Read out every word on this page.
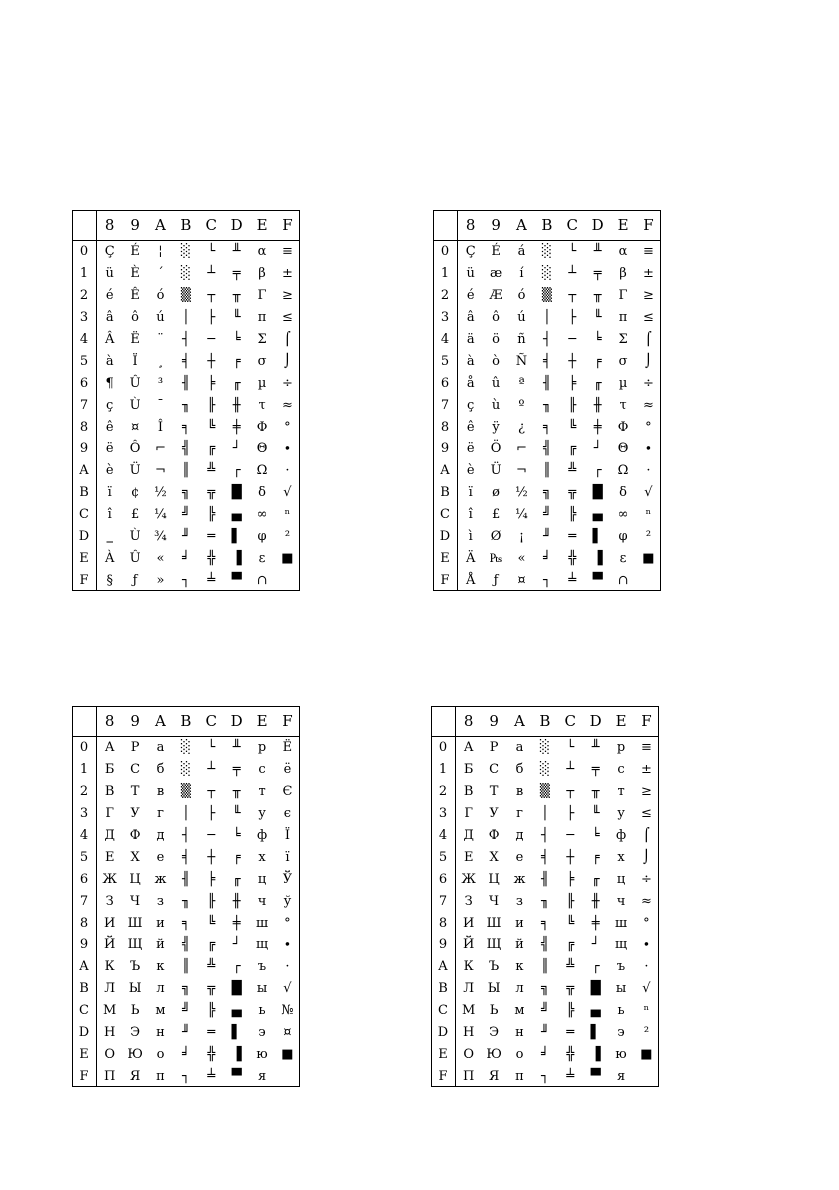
	8	9	A	B	C	D	E	F
0	Ç	É	¦	░	└	╨	α	≡
1	ü	È	´	░	┴	╤	β	±
2	é	Ê	ó	▒	┬	╥	Γ	≥
3	â	ô	ú	│	├	╙	π	≤
4	Â	Ë	¨	┤	─	╘	Σ	⌠
5	à	Ï	¸	╡	┼	╒	σ	⌡
6	¶	Û	³	╢	╞	╓	µ	÷
7	ç	Ù	¯	╖	╟	╫	τ	≈
8	ê	¤	Î	╕	╚	╪	Φ	°
9	ë	Ô	⌐	╣	╔	┘	Θ	∙
A	è	Ü	¬	║	╩	┌	Ω	·
B	ï	¢	½	╗	╦	█	δ	√
C	î	£	¼	╝	╠	▄	∞	ⁿ
D	‗	Ù	¾	╜	═	▌	φ	²
E	À	Û	«	╛	╬	▐	ε	■
F	§	ƒ	»	┐	╧	▀	∩	
	8	9	A	B	C	D	E	F
0	Ç	É	á	░	└	╨	α	≡
1	ü	æ	í	░	┴	╤	β	±
2	é	Æ	ó	▒	┬	╥	Γ	≥
3	â	ô	ú	│	├	╙	π	≤
4	ä	ö	ñ	┤	─	╘	Σ	⌠
5	à	ò	Ñ	╡	┼	╒	σ	⌡
6	å	û	ª	╢	╞	╓	µ	÷
7	ç	ù	º	╖	╟	╫	τ	≈
8	ê	ÿ	¿	╕	╚	╪	Φ	°
9	ë	Ö	⌐	╣	╔	┘	Θ	∙
A	è	Ü	¬	║	╩	┌	Ω	·
B	ï	ø	½	╗	╦	█	δ	√
C	î	£	¼	╝	╠	▄	∞	ⁿ
D	ì	Ø	¡	╜	═	▌	φ	²
E	Ä	₧	«	╛	╬	▐	ε	■
F	Å	ƒ	¤	┐	╧	▀	∩	
	8	9	A	B	C	D	E	F
0	А	Р	а	░	└	╨	р	Ё
1	Б	С	б	░	┴	╤	с	ё
2	В	Т	в	▒	┬	╥	т	Є
3	Г	У	г	│	├	╙	у	є
4	Д	Ф	д	┤	─	╘	ф	Ї
5	Е	Х	е	╡	┼	╒	х	ї
6	Ж	Ц	ж	╢	╞	╓	ц	Ў
7	З	Ч	з	╖	╟	╫	ч	ў
8	И	Ш	и	╕	╚	╪	ш	°
9	Й	Щ	й	╣	╔	┘	щ	∙
A	К	Ъ	к	║	╩	┌	ъ	·
B	Л	Ы	л	╗	╦	█	ы	√
C	М	Ь	м	╝	╠	▄	ь	№
D	Н	Э	н	╜	═	▌	э	¤
E	О	Ю	о	╛	╬	▐	ю	■
F	П	Я	п	┐	╧	▀	я	
	8	9	A	B	C	D	E	F
0	А	Р	а	░	└	╨	р	≡
1	Б	С	б	░	┴	╤	с	±
2	В	Т	в	▒	┬	╥	т	≥
3	Г	У	г	│	├	╙	у	≤
4	Д	Ф	д	┤	─	╘	ф	⌠
5	Е	Х	е	╡	┼	╒	х	⌡
6	Ж	Ц	ж	╢	╞	╓	ц	÷
7	З	Ч	з	╖	╟	╫	ч	≈
8	И	Ш	и	╕	╚	╪	ш	°
9	Й	Щ	й	╣	╔	┘	щ	∙
A	К	Ъ	к	║	╩	┌	ъ	·
B	Л	Ы	л	╗	╦	█	ы	√
C	М	Ь	м	╝	╠	▄	ь	ⁿ
D	Н	Э	н	╜	═	▌	э	²
E	О	Ю	о	╛	╬	▐	ю	■
F	П	Я	п	┐	╧	▀	я	
